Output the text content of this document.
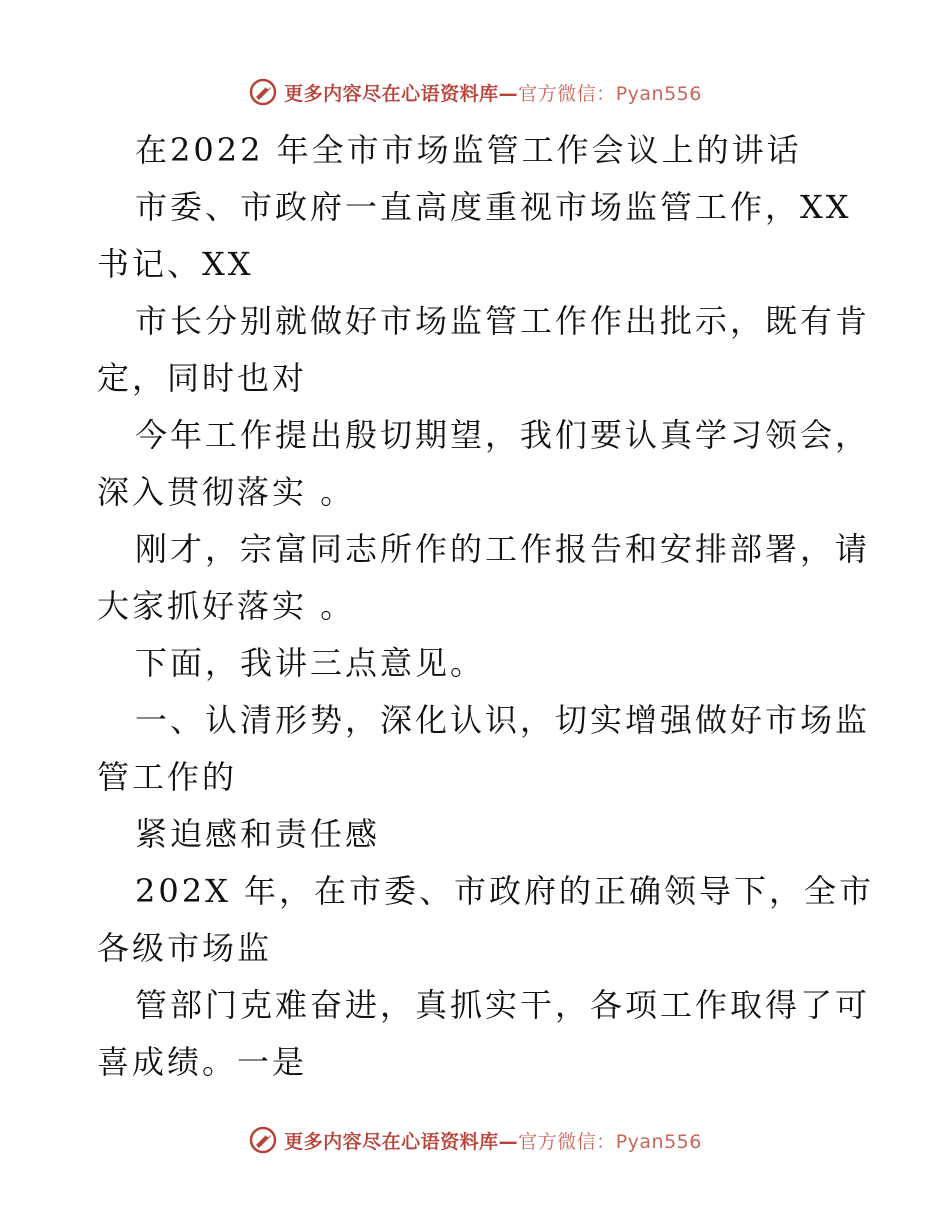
更多内容尽在心语资料库—官方微信：Pyan556
在2022 年全市市场监管工作会议上的讲话
市委、市政府一直高度重视市场监管工作，XX
书记、XX
市长分别就做好市场监管工作作出批示，既有肯
定，同时也对
今年工作提出殷切期望，我们要认真学习领会，
深入贯彻落实 。
刚才，宗富同志所作的工作报告和安排部署，请
大家抓好落实 。
下面，我讲三点意见。
一、认清形势，深化认识，切实增强做好市场监
管工作的
紧迫感和责任感
202X 年，在市委、市政府的正确领导下，全市
各级市场监
管部门克难奋进，真抓实干，各项工作取得了可
喜成绩。一是
更多内容尽在心语资料库—官方微信：Pyan556
